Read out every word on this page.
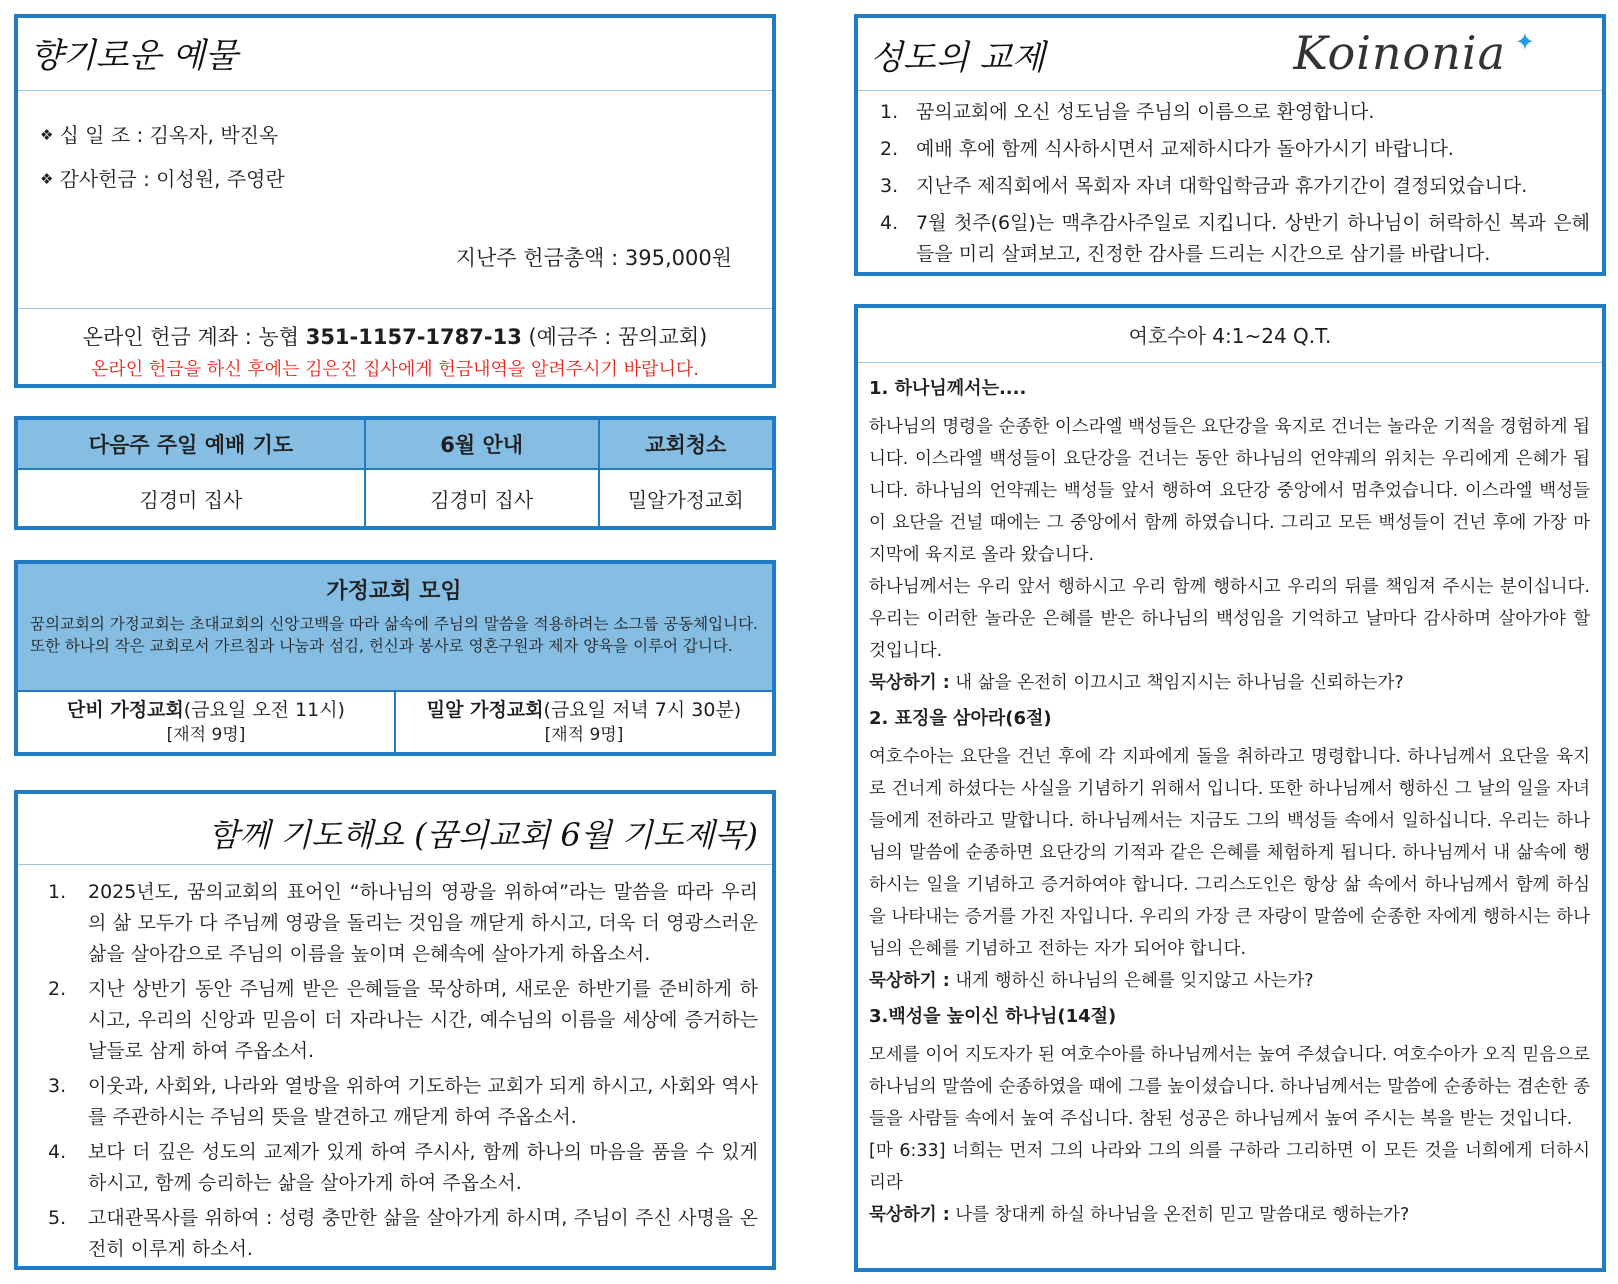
향기로운 예물
❖ 십 일 조 : 김옥자, 박진옥
❖ 감사헌금 : 이성원, 주영란
지난주 헌금총액 : 395,000원
온라인 헌금 계좌 : 농협 351-1157-1787-13 (예금주 : 꿈의교회)
온라인 헌금을 하신 후에는 김은진 집사에게 헌금내역을 알려주시기 바랍니다.
다음주 주일 예배 기도	6월 안내	교회청소
김경미 집사	김경미 집사	밀알가정교회
가정교회 모임
꿈의교회의 가정교회는 초대교회의 신앙고백을 따라 삶속에 주님의 말씀을 적용하려는 소그룹 공동체입니다. 또한 하나의 작은 교회로서 가르침과 나눔과 섬김, 헌신과 봉사로 영혼구원과 제자 양육을 이루어 갑니다.
단비 가정교회(금요일 오전 11시)
[재적 9명]
밀알 가정교회(금요일 저녁 7시 30분)
[재적 9명]
함께 기도해요 (꿈의교회 6월 기도제목)
1.	2025년도, 꿈의교회의 표어인 “하나님의 영광을 위하여”라는 말씀을 따라 우리의 삶 모두가 다 주님께 영광을 돌리는 것임을 깨닫게 하시고, 더욱 더 영광스러운 삶을 살아감으로 주님의 이름을 높이며 은혜속에 살아가게 하옵소서.
2.	지난 상반기 동안 주님께 받은 은혜들을 묵상하며, 새로운 하반기를 준비하게 하시고, 우리의 신앙과 믿음이 더 자라나는 시간, 예수님의 이름을 세상에 증거하는 날들로 삼게 하여 주옵소서.
3.	이웃과, 사회와, 나라와 열방을 위하여 기도하는 교회가 되게 하시고, 사회와 역사를 주관하시는 주님의 뜻을 발견하고 깨닫게 하여 주옵소서.
4.	보다 더 깊은 성도의 교제가 있게 하여 주시사, 함께 하나의 마음을 품을 수 있게 하시고, 함께 승리하는 삶을 살아가게 하여 주옵소서.
5.	고대관목사를 위하여 : 성령 충만한 삶을 살아가게 하시며, 주님이 주신 사명을 온전히 이루게 하소서.
성도의 교제	Koinonia ✦
1. 꿈의교회에 오신 성도님을 주님의 이름으로 환영합니다.
2. 예배 후에 함께 식사하시면서 교제하시다가 돌아가시기 바랍니다.
3. 지난주 제직회에서 목회자 자녀 대학입학금과 휴가기간이 결정되었습니다.
4. 7월 첫주(6일)는 맥추감사주일로 지킵니다. 상반기 하나님이 허락하신 복과 은혜들을 미리 살펴보고, 진정한 감사를 드리는 시간으로 삼기를 바랍니다.
여호수아 4:1~24 Q.T.
1. 하나님께서는....
하나님의 명령을 순종한 이스라엘 백성들은 요단강을 육지로 건너는 놀라운 기적을 경험하게 됩니다. 이스라엘 백성들이 요단강을 건너는 동안 하나님의 언약궤의 위치는 우리에게 은혜가 됩니다. 하나님의 언약궤는 백성들 앞서 행하여 요단강 중앙에서 멈추었습니다. 이스라엘 백성들이 요단을 건널 때에는 그 중앙에서 함께 하였습니다. 그리고 모든 백성들이 건넌 후에 가장 마지막에 육지로 올라 왔습니다.
하나님께서는 우리 앞서 행하시고 우리 함께 행하시고 우리의 뒤를 책임져 주시는 분이십니다. 우리는 이러한 놀라운 은혜를 받은 하나님의 백성임을 기억하고 날마다 감사하며 살아가야 할 것입니다.
묵상하기 : 내 삶을 온전히 이끄시고 책임지시는 하나님을 신뢰하는가?
2. 표징을 삼아라(6절)
여호수아는 요단을 건넌 후에 각 지파에게 돌을 취하라고 명령합니다. 하나님께서 요단을 육지로 건너게 하셨다는 사실을 기념하기 위해서 입니다. 또한 하나님께서 행하신 그 날의 일을 자녀들에게 전하라고 말합니다. 하나님께서는 지금도 그의 백성들 속에서 일하십니다. 우리는 하나님의 말씀에 순종하면 요단강의 기적과 같은 은혜를 체험하게 됩니다. 하나님께서 내 삶속에 행하시는 일을 기념하고 증거하여야 합니다. 그리스도인은 항상 삶 속에서 하나님께서 함께 하심을 나타내는 증거를 가진 자입니다. 우리의 가장 큰 자랑이 말씀에 순종한 자에게 행하시는 하나님의 은혜를 기념하고 전하는 자가 되어야 합니다.
묵상하기 : 내게 행하신 하나님의 은혜를 잊지않고 사는가?
3.백성을 높이신 하나님(14절)
모세를 이어 지도자가 된 여호수아를 하나님께서는 높여 주셨습니다. 여호수아가 오직 믿음으로 하나님의 말씀에 순종하였을 때에 그를 높이셨습니다. 하나님께서는 말씀에 순종하는 겸손한 종들을 사람들 속에서 높여 주십니다. 참된 성공은 하나님께서 높여 주시는 복을 받는 것입니다.
[마 6:33] 너희는 먼저 그의 나라와 그의 의를 구하라 그리하면 이 모든 것을 너희에게 더하시리라
묵상하기 : 나를 창대케 하실 하나님을 온전히 믿고 말씀대로 행하는가?
